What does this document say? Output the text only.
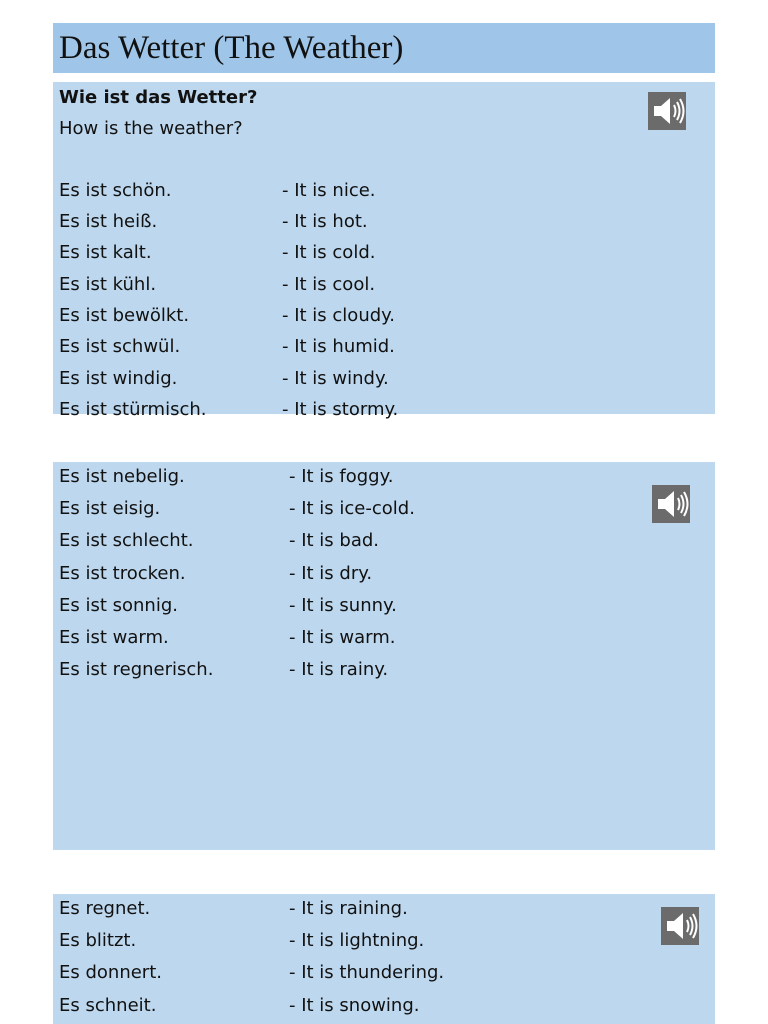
Das Wetter (The Weather)
Wie ist das Wetter?
How is the weather?
Es ist schön.	- It is nice.
Es ist heiß.	- It is hot.
Es ist kalt.	- It is cold.
Es ist kühl.	- It is cool.
Es ist bewölkt.	- It is cloudy.
Es ist schwül.	- It is humid.
Es ist windig.	- It is windy.
Es ist stürmisch.	- It is stormy.
Es ist nebelig.	- It is foggy.
Es ist eisig.	- It is ice-cold.
Es ist schlecht.	- It is bad.
Es ist trocken.	- It is dry.
Es ist sonnig.	- It is sunny.
Es ist warm.	- It is warm.
Es ist regnerisch.	- It is rainy.
Es regnet.	- It is raining.
Es blitzt.	- It is lightning.
Es donnert.	- It is thundering.
Es schneit.	- It is snowing.
